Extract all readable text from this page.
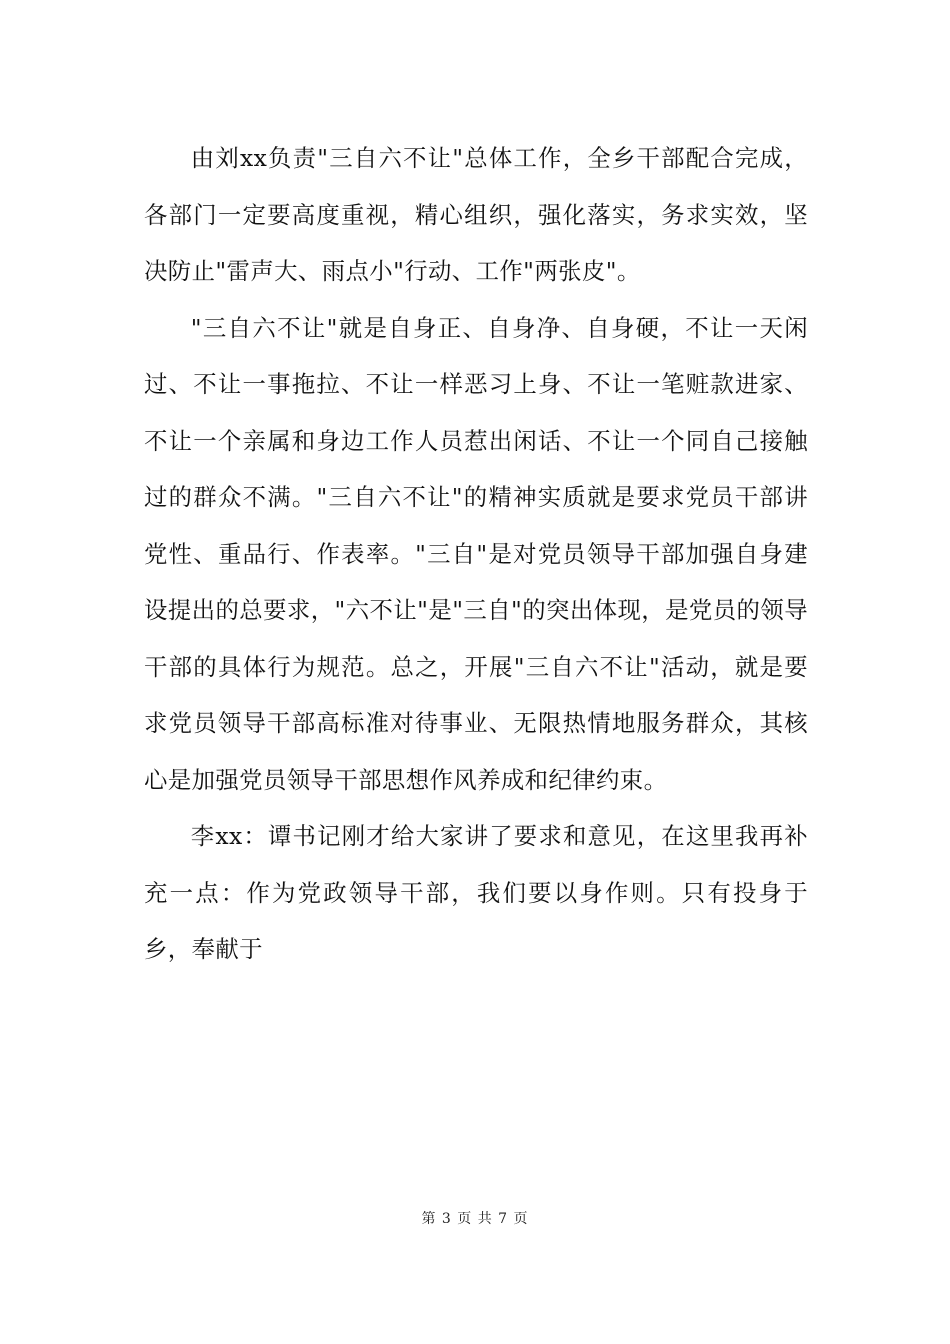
由刘xx负责"三自六不让"总体工作，全乡干部配合完成，各部门一定要高度重视，精心组织，强化落实，务求实效，坚决防止"雷声大、雨点小"行动、工作"两张皮"。

"三自六不让"就是自身正、自身净、自身硬，不让一天闲过、不让一事拖拉、不让一样恶习上身、不让一笔赃款进家、不让一个亲属和身边工作人员惹出闲话、不让一个同自己接触过的群众不满。"三自六不让"的精神实质就是要求党员干部讲党性、重品行、作表率。"三自"是对党员领导干部加强自身建设提出的总要求，"六不让"是"三自"的突出体现，是党员的领导干部的具体行为规范。总之，开展"三自六不让"活动，就是要求党员领导干部高标准对待事业、无限热情地服务群众，其核心是加强党员领导干部思想作风养成和纪律约束。

李xx：谭书记刚才给大家讲了要求和意见，在这里我再补充一点：作为党政领导干部，我们要以身作则。只有投身于乡，奉献于

第 3 页 共 7 页
